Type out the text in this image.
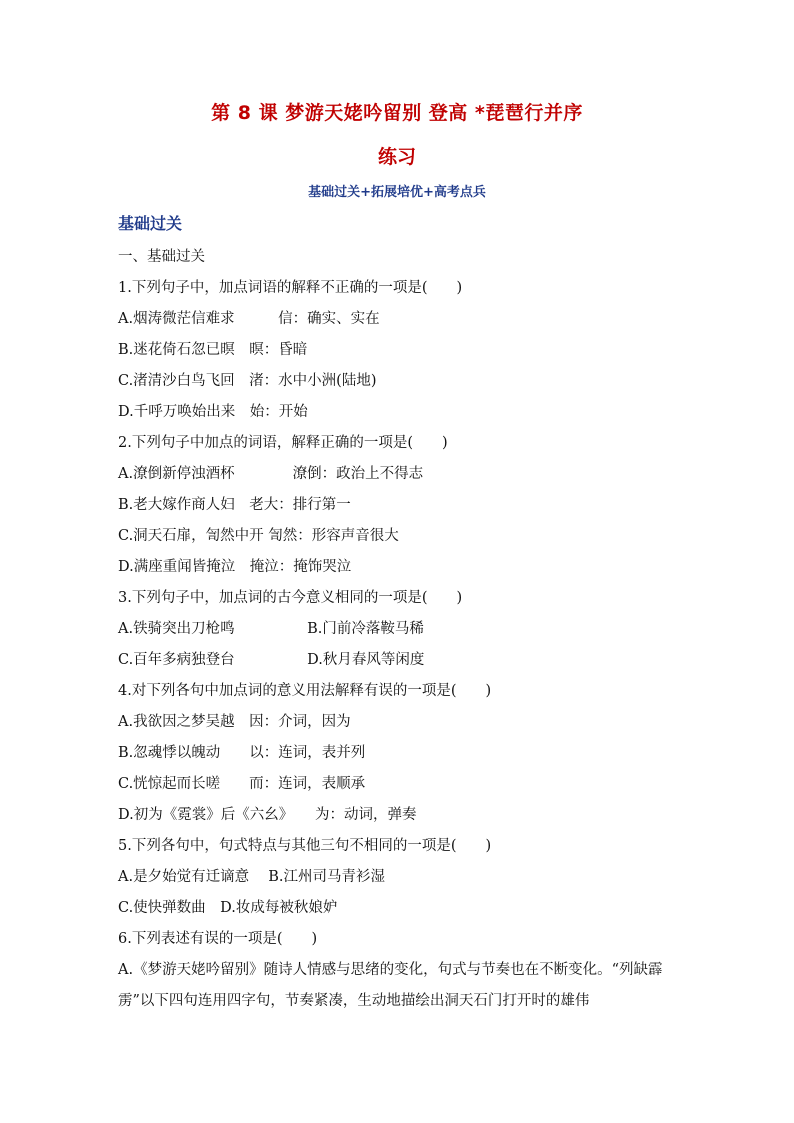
第 8 课 梦游天姥吟留别 登高 *琵琶行并序
练习
基础过关+拓展培优+高考点兵
基础过关
一、基础过关
1.下列句子中，加点词语的解释不正确的一项是(　　)
A.烟涛微茫信难求　　　信：确实、实在
B.迷花倚石忽已暝　暝：昏暗
C.渚清沙白鸟飞回　渚：水中小洲(陆地)
D.千呼万唤始出来　始：开始
2.下列句子中加点的词语，解释正确的一项是(　　)
A.潦倒新停浊酒杯　　　　潦倒：政治上不得志
B.老大嫁作商人妇　老大：排行第一
C.洞天石扉，訇然中开 訇然：形容声音很大
D.满座重闻皆掩泣　掩泣：掩饰哭泣
3.下列句子中，加点词的古今意义相同的一项是(　　)
A.铁骑突出刀枪鸣　　　　　B.门前冷落鞍马稀
C.百年多病独登台　　　　　D.秋月春风等闲度
4.对下列各句中加点词的意义用法解释有误的一项是(　　)
A.我欲因之梦吴越　因：介词，因为
B.忽魂悸以魄动　　以：连词，表并列
C.恍惊起而长嗟　　而：连词，表顺承
D.初为《霓裳》后《六幺》　　为：动词，弹奏
5.下列各句中，句式特点与其他三句不相同的一项是(　　)
A.是夕始觉有迁谪意　 B.江州司马青衫湿
C.使快弹数曲　D.妆成每被秋娘妒
6.下列表述有误的一项是(　　)
A.《梦游天姥吟留别》随诗人情感与思绪的变化，句式与节奏也在不断变化。“列缺霹雳”以下四句连用四字句，节奏紧凑，生动地描绘出洞天石门打开时的雄伟
